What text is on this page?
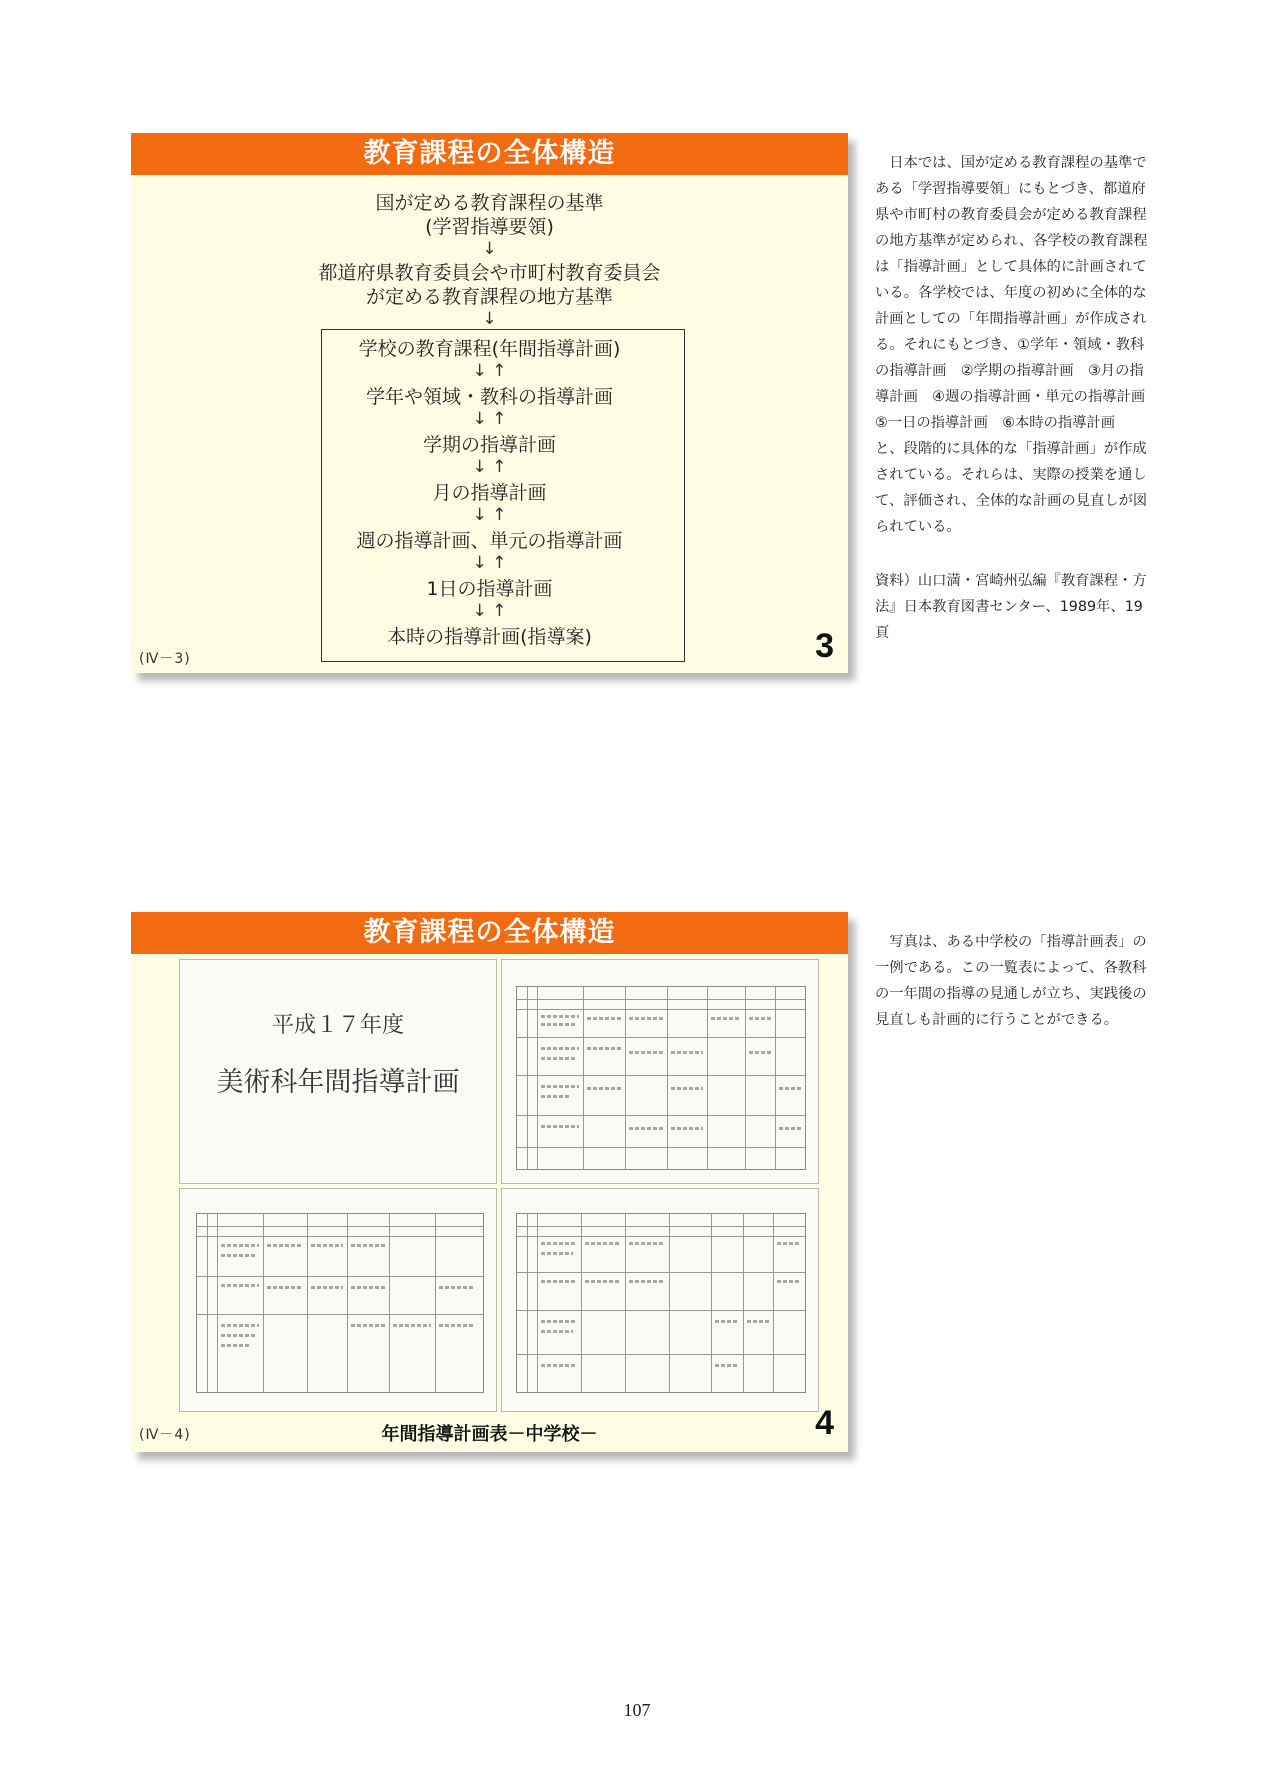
教育課程の全体構造
国が定める教育課程の基準
(学習指導要領)
↓
都道府県教育委員会や市町村教育委員会
が定める教育課程の地方基準
↓
学校の教育課程(年間指導計画)
↓ ↑
学年や領域・教科の指導計画
↓ ↑
学期の指導計画
↓ ↑
月の指導計画
↓ ↑
週の指導計画、単元の指導計画
↓ ↑
1日の指導計画
↓ ↑
本時の指導計画(指導案)
(Ⅳ－3)	3

日本では、国が定める教育課程の基準である「学習指導要領」にもとづき、都道府県や市町村の教育委員会が定める教育課程の地方基準が定められ、各学校の教育課程は「指導計画」として具体的に計画されている。各学校では、年度の初めに全体的な計画としての「年間指導計画」が作成される。それにもとづき、①学年・領域・教科の指導計画　②学期の指導計画　③月の指導計画　④週の指導計画・単元の指導計画　⑤一日の指導計画　⑥本時の指導計画　と、段階的に具体的な「指導計画」が作成されている。それらは、実際の授業を通して、評価され、全体的な計画の見直しが図られている。

資料）山口満・宮崎州弘編『教育課程・方法』日本教育図書センター、1989年、19頁

教育課程の全体構造
平成１７年度
美術科年間指導計画
年間指導計画表－中学校－
(Ⅳ－4)	4

写真は、ある中学校の「指導計画表」の一例である。この一覧表によって、各教科の一年間の指導の見通しが立ち、実践後の見直しも計画的に行うことができる。

107
